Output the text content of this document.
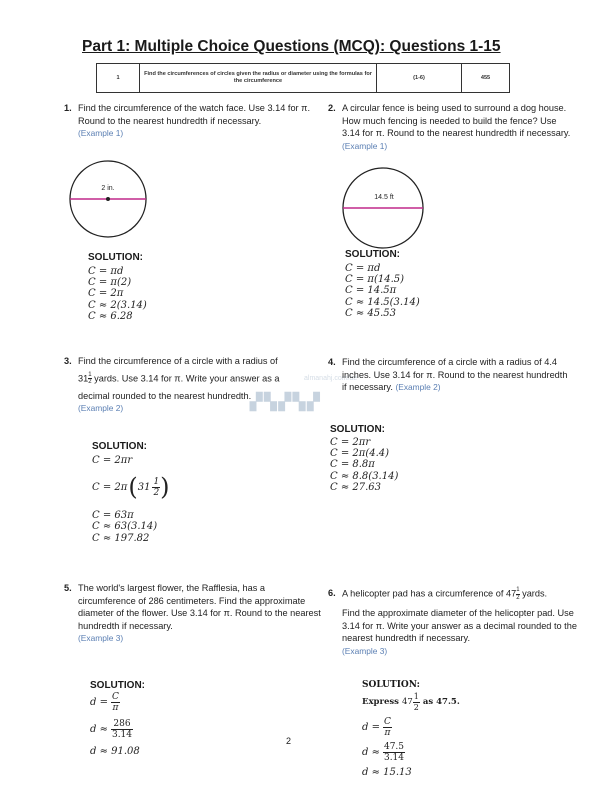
Part 1: Multiple Choice Questions (MCQ): Questions 1-15
1	Find the circumferences of circles given the radius or diameter using the formulas for the circumference	(1-6)	455
1. Find the circumference of the watch face. Use 3.14 for π. Round to the nearest hundredth if necessary.
(Example 1)
2 in.
SOLUTION:
C = πd
C = π(2)
C = 2π
C ≈ 2(3.14)
C ≈ 6.28
2. A circular fence is being used to surround a dog house. How much fencing is needed to build the fence? Use 3.14 for π. Round to the nearest hundredth if necessary. (Example 1)
14.5 ft
SOLUTION:
C = πd
C = π(14.5)
C = 14.5π
C ≈ 14.5(3.14)
C ≈ 45.53
3. Find the circumference of a circle with a radius of
$31 \frac{1}{2}$ yards. Use 3.14 for π. Write your answer as a
decimal rounded to the nearest hundredth.
(Example 2)
almanahj.com/ae
▞▚▞▚▞
SOLUTION:
C = 2πr
C = 2π ( $31 \frac{1}{2}$ )
C = 63π
C ≈ 63(3.14)
C ≈ 197.82
4. Find the circumference of a circle with a radius of 4.4 inches. Use 3.14 for π. Round to the nearest hundredth if necessary. (Example 2)
SOLUTION:
C = 2πr
C = 2π(4.4)
C = 8.8π
C ≈ 8.8(3.14)
C ≈ 27.63
5. The world's largest flower, the Rafflesia, has a circumference of 286 centimeters. Find the approximate diameter of the flower. Use 3.14 for π. Round to the nearest hundredth if necessary.
(Example 3)
SOLUTION:
$d = \frac{C}{\pi}$
$d \approx \frac{286}{3.14}$
d ≈ 91.08
2
6. A helicopter pad has a circumference of $47 \frac{1}{2}$ yards.
Find the approximate diameter of the helicopter pad. Use 3.14 for π. Write your answer as a decimal rounded to the nearest hundredth if necessary.
(Example 3)
SOLUTION:
Express $47 \frac{1}{2}$ as 47.5.
$d = \frac{C}{\pi}$
$d \approx \frac{47.5}{3.14}$
d ≈ 15.13
